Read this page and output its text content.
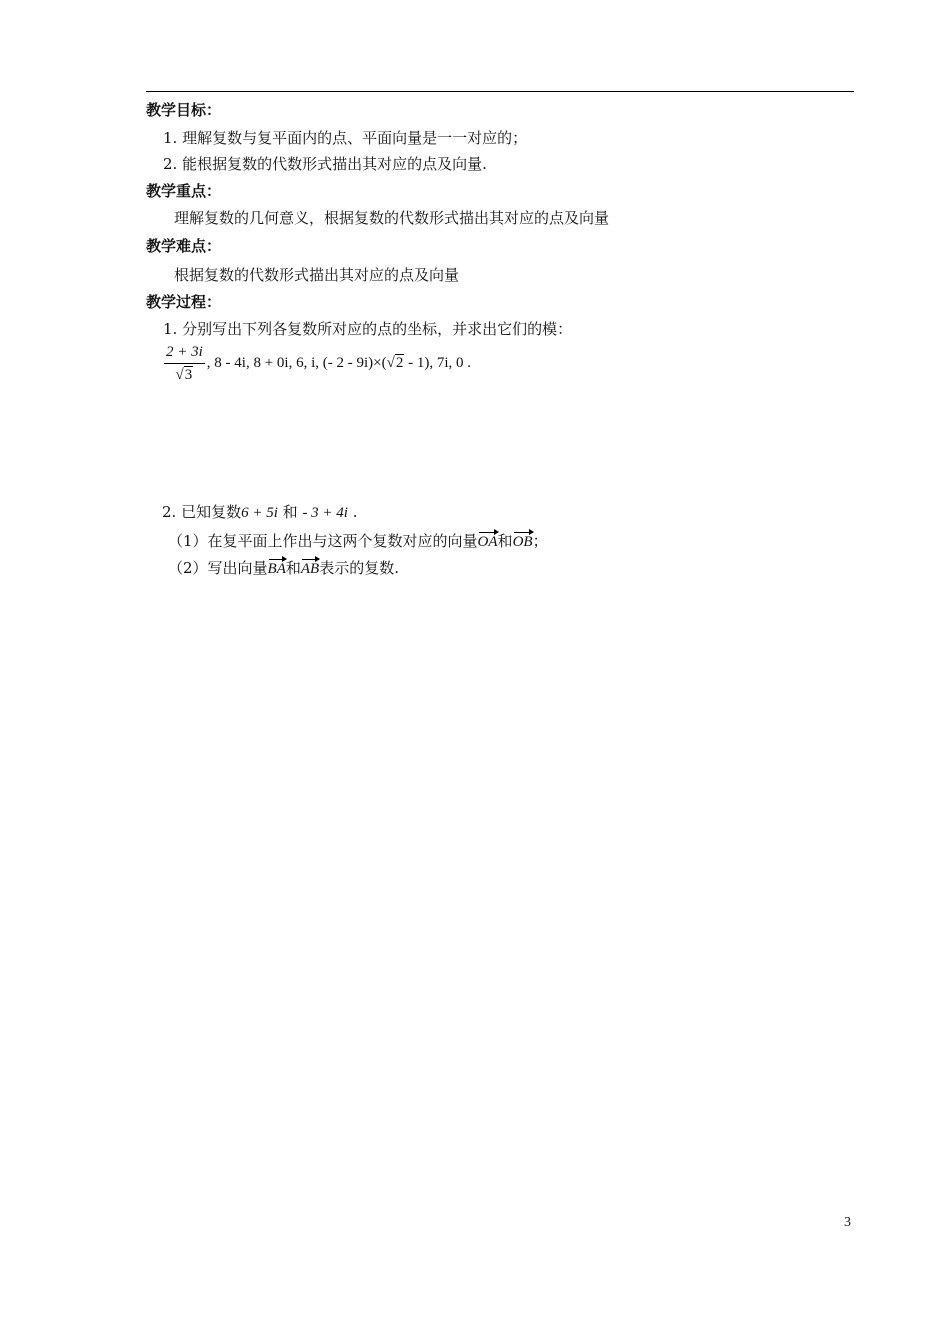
教学目标：
1. 理解复数与复平面内的点、平面向量是一一对应的；
2. 能根据复数的代数形式描出其对应的点及向量.
教学重点：
理解复数的几何意义，根据复数的代数形式描出其对应的点及向量
教学难点：
根据复数的代数形式描出其对应的点及向量
教学过程：
1. 分别写出下列各复数所对应的点的坐标，并求出它们的模：
$\frac{2 + 3i}{√3}$ , 8 - 4i, 8 + 0i, 6, i, (- 2 - 9i)×(√2 - 1), 7i, 0 .
2. 已知复数6 + 5i 和 - 3 + 4i .
（1）在复平面上作出与这两个复数对应的向量OA和OB；
（2）写出向量BA和AB表示的复数.
3
